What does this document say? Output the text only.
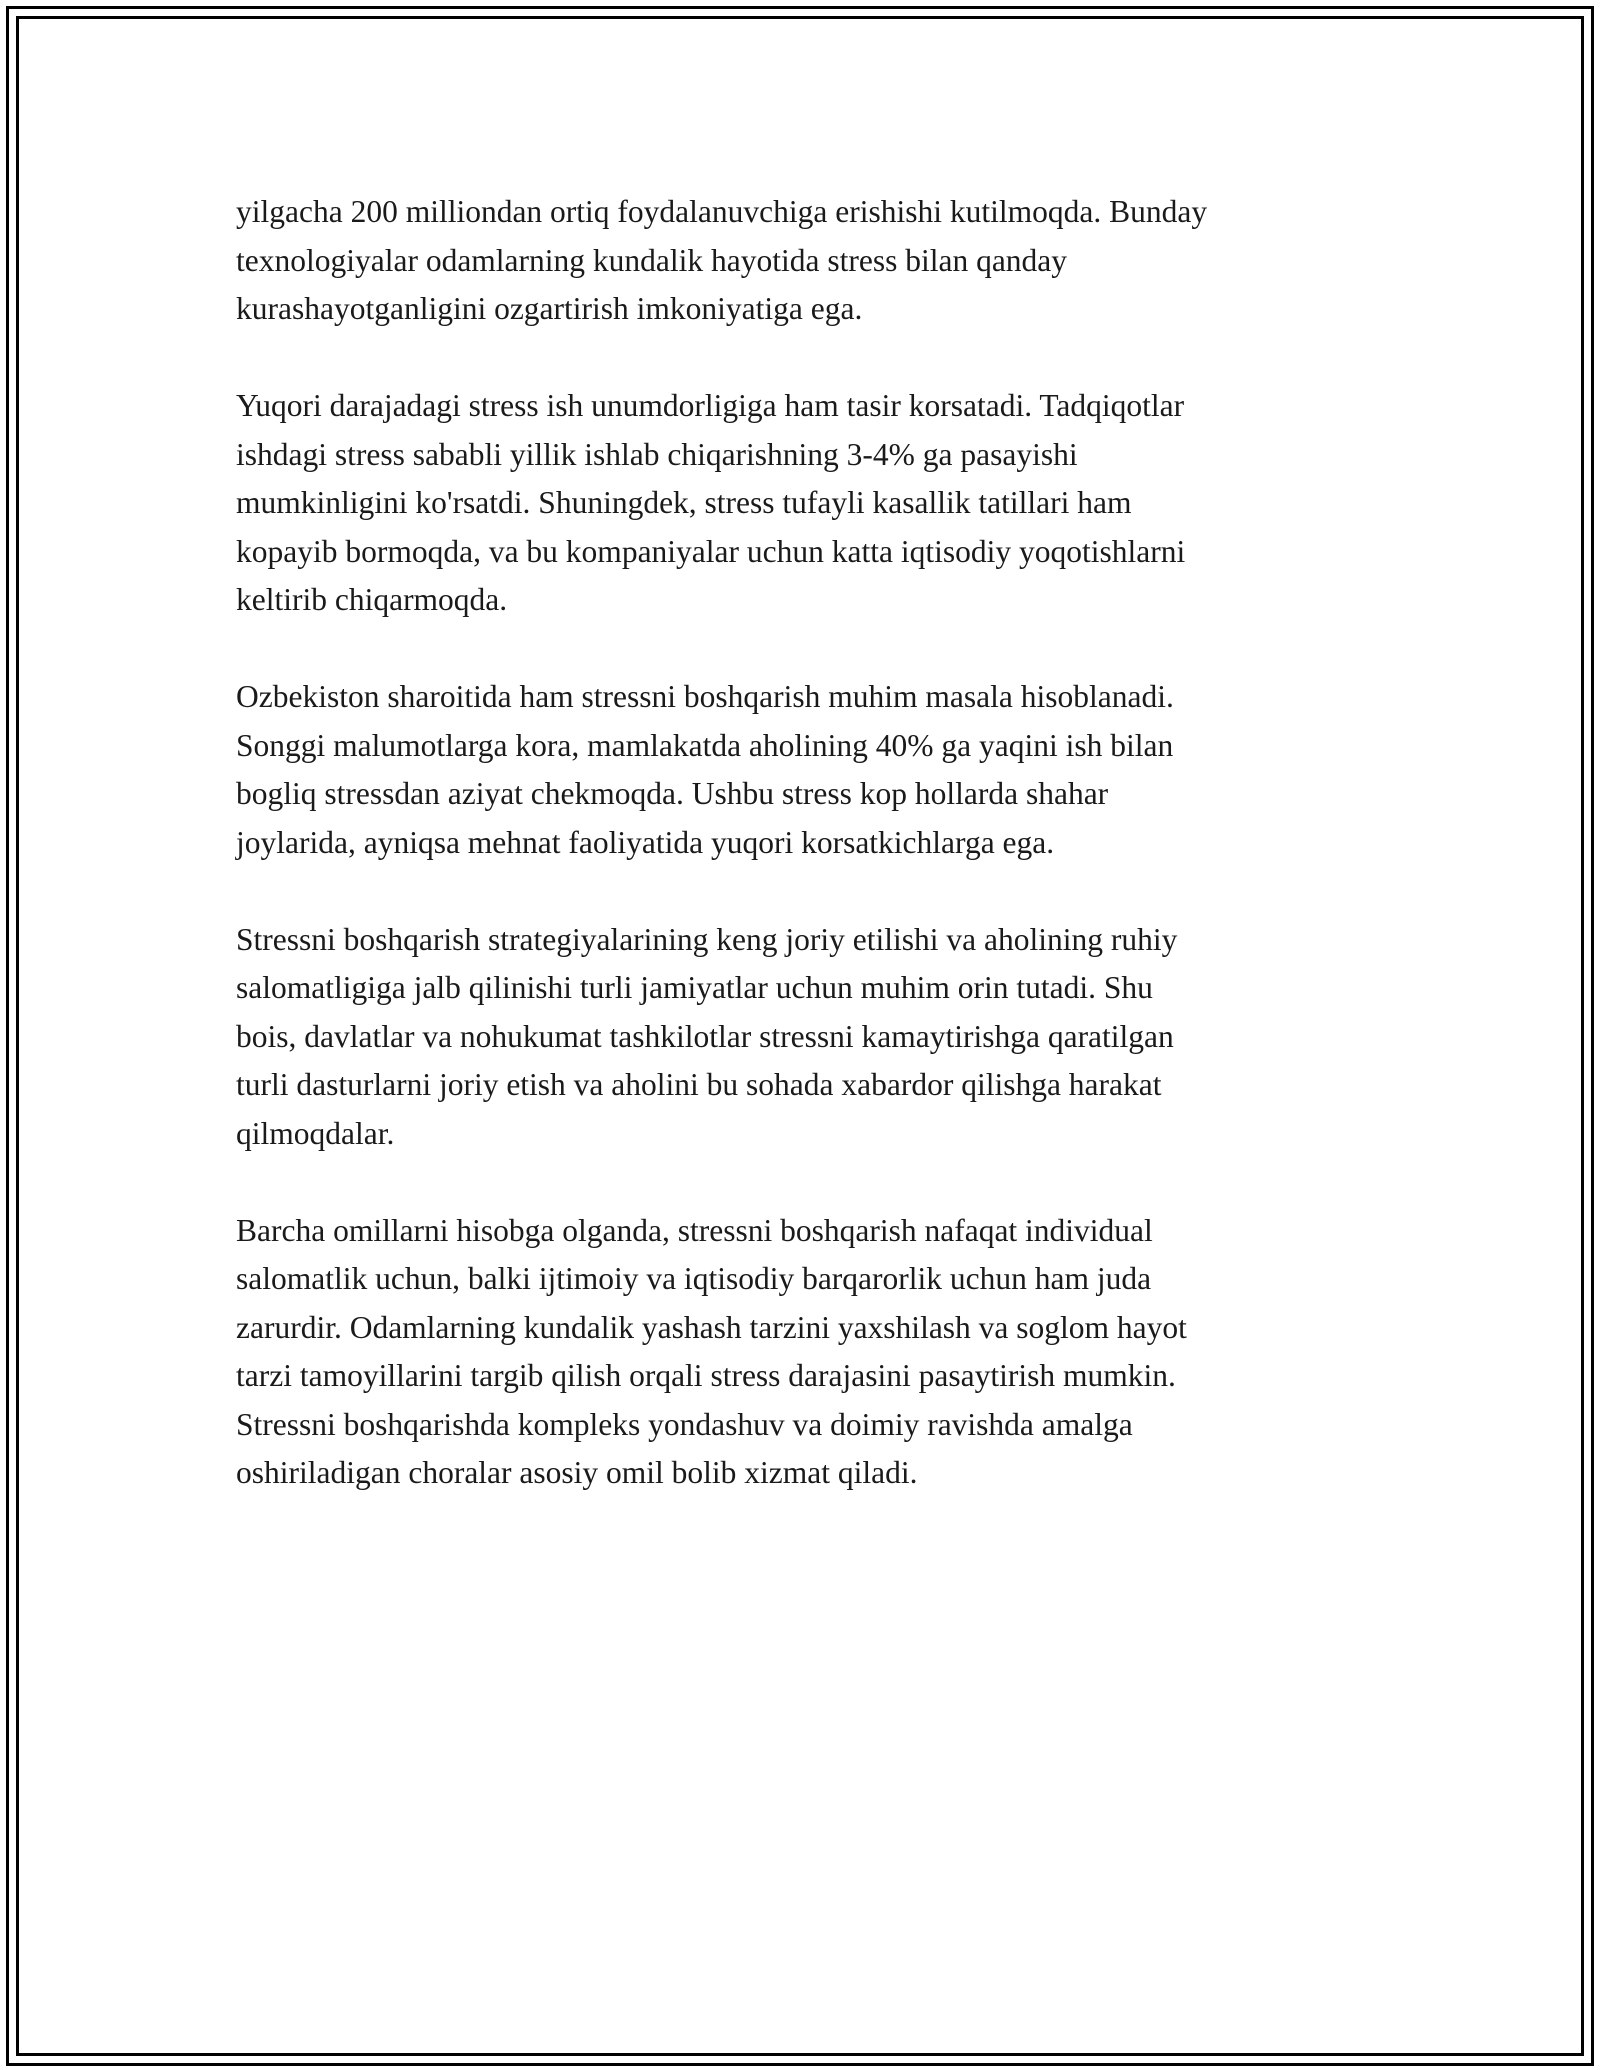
yilgacha 200 milliondan ortiq foydalanuvchiga erishishi kutilmoqda. Bunday
texnologiyalar odamlarning kundalik hayotida stress bilan qanday
kurashayotganligini ozgartirish imkoniyatiga ega.

Yuqori darajadagi stress ish unumdorligiga ham tasir korsatadi. Tadqiqotlar
ishdagi stress sababli yillik ishlab chiqarishning 3-4% ga pasayishi
mumkinligini ko'rsatdi. Shuningdek, stress tufayli kasallik tatillari ham
kopayib bormoqda, va bu kompaniyalar uchun katta iqtisodiy yoqotishlarni
keltirib chiqarmoqda.

Ozbekiston sharoitida ham stressni boshqarish muhim masala hisoblanadi.
Songgi malumotlarga kora, mamlakatda aholining 40% ga yaqini ish bilan
bogliq stressdan aziyat chekmoqda. Ushbu stress kop hollarda shahar
joylarida, ayniqsa mehnat faoliyatida yuqori korsatkichlarga ega.

Stressni boshqarish strategiyalarining keng joriy etilishi va aholining ruhiy
salomatligiga jalb qilinishi turli jamiyatlar uchun muhim orin tutadi. Shu
bois, davlatlar va nohukumat tashkilotlar stressni kamaytirishga qaratilgan
turli dasturlarni joriy etish va aholini bu sohada xabardor qilishga harakat
qilmoqdalar.

Barcha omillarni hisobga olganda, stressni boshqarish nafaqat individual
salomatlik uchun, balki ijtimoiy va iqtisodiy barqarorlik uchun ham juda
zarurdir. Odamlarning kundalik yashash tarzini yaxshilash va soglom hayot
tarzi tamoyillarini targib qilish orqali stress darajasini pasaytirish mumkin.
Stressni boshqarishda kompleks yondashuv va doimiy ravishda amalga
oshiriladigan choralar asosiy omil bolib xizmat qiladi.
